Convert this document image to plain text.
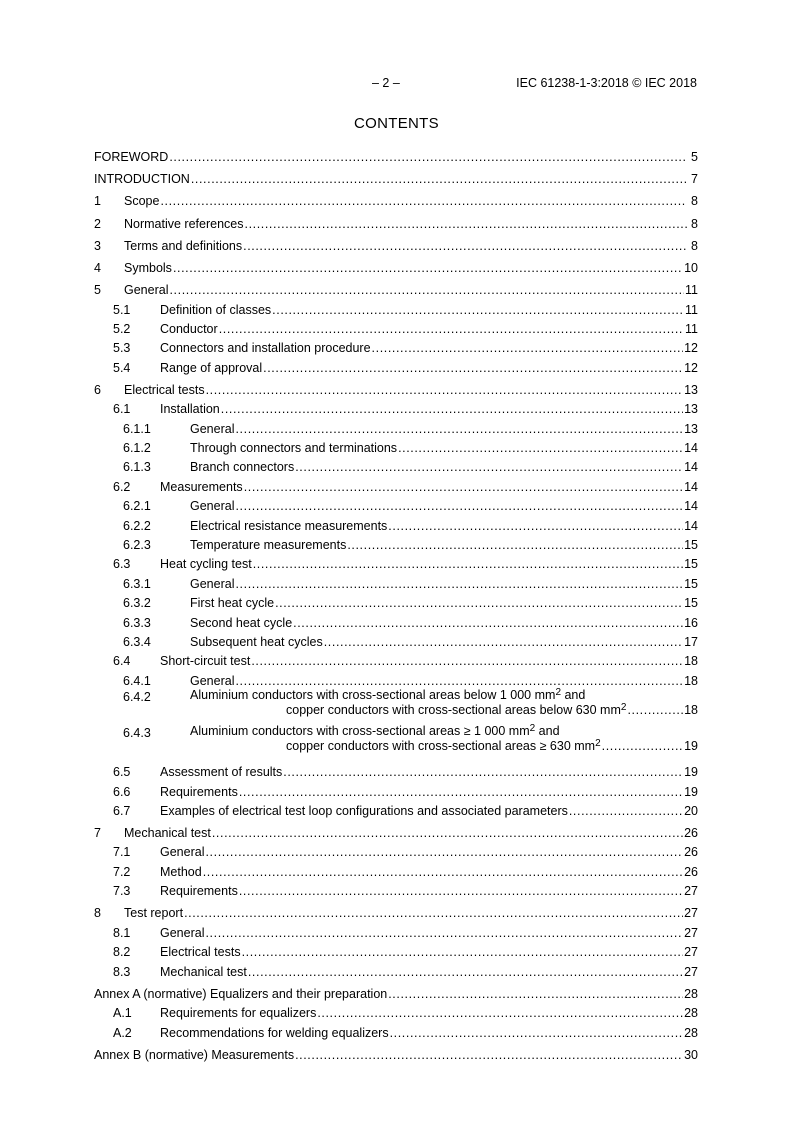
– 2 –	IEC 61238-1-3:2018 © IEC 2018
CONTENTS
FOREWORD .....	5
INTRODUCTION .....	7
1	Scope .....	8
2	Normative references .....	8
3	Terms and definitions .....	8
4	Symbols .....	10
5	General .....	11
5.1	Definition of classes .....	11
5.2	Conductor .....	11
5.3	Connectors and installation procedure .....	12
5.4	Range of approval .....	12
6	Electrical tests .....	13
6.1	Installation .....	13
6.1.1	General .....	13
6.1.2	Through connectors and terminations .....	14
6.1.3	Branch connectors .....	14
6.2	Measurements .....	14
6.2.1	General .....	14
6.2.2	Electrical resistance measurements .....	14
6.2.3	Temperature measurements .....	15
6.3	Heat cycling test .....	15
6.3.1	General .....	15
6.3.2	First heat cycle .....	15
6.3.3	Second heat cycle .....	16
6.3.4	Subsequent heat cycles .....	17
6.4	Short-circuit test .....	18
6.4.1	General .....	18
6.4.2	Aluminium conductors with cross-sectional areas below 1 000 $mm^2$ and
copper conductors with cross-sectional areas below 630 $mm^2$ .....	18
6.4.3	Aluminium conductors with cross-sectional areas ≥ 1 000 $mm^2$ and
copper conductors with cross-sectional areas ≥ 630 $mm^2$ .....	19
6.5	Assessment of results .....	19
6.6	Requirements .....	19
6.7	Examples of electrical test loop configurations and associated parameters .....	20
7	Mechanical test .....	26
7.1	General .....	26
7.2	Method .....	26
7.3	Requirements .....	27
8	Test report .....	27
8.1	General .....	27
8.2	Electrical tests .....	27
8.3	Mechanical test .....	27
Annex A (normative) Equalizers and their preparation .....	28
A.1	Requirements for equalizers .....	28
A.2	Recommendations for welding equalizers .....	28
Annex B (normative) Measurements .....	30
